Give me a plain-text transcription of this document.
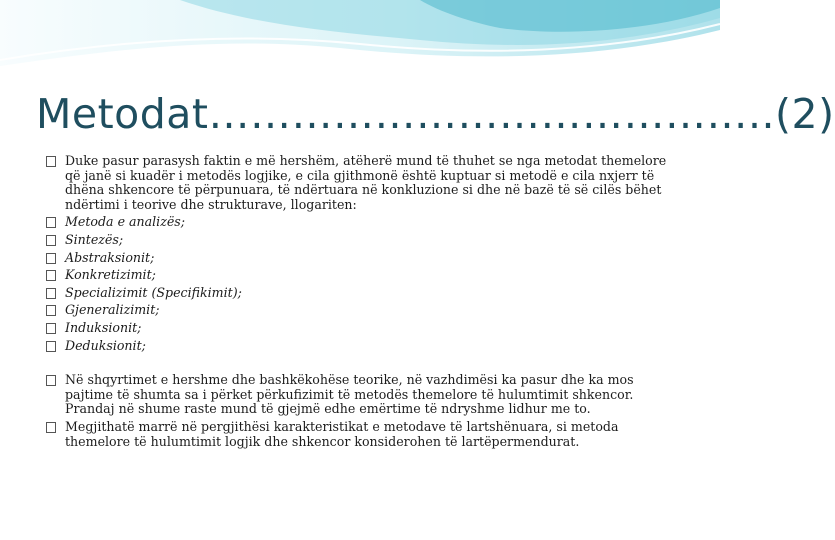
Metodat…………………………………..(2)
Duke pasur parasysh faktin e më hershëm, atëherë mund të thuhet se nga metodat themelore që janë si kuadër i metodës logjike, e cila gjithmonë është kuptuar si metodë e cila nxjerr të dhëna shkencore të përpunuara, të ndërtuara në konkluzione si dhe në bazë të së cilës bëhet ndërtimi i teorive dhe strukturave, llogariten:
Metoda e analizës;
Sintezës;
Abstraksionit;
Konkretizimit;
Specializimit (Specifikimit);
Gjeneralizimit;
Induksionit;
Deduksionit;
Në shqyrtimet e hershme dhe bashkëkohëse teorike, në vazhdimësi ka pasur dhe ka mos pajtime të shumta sa i përket përkufizimit të metodës themelore të hulumtimit shkencor. Prandaj në shume raste mund të gjejmë edhe emërtime të ndryshme lidhur me to.
Megjithatë marrë në pergjithësi karakteristikat e metodave të lartshënuara, si metoda themelore të hulumtimit logjik dhe shkencor konsiderohen të lartëpermendurat.
